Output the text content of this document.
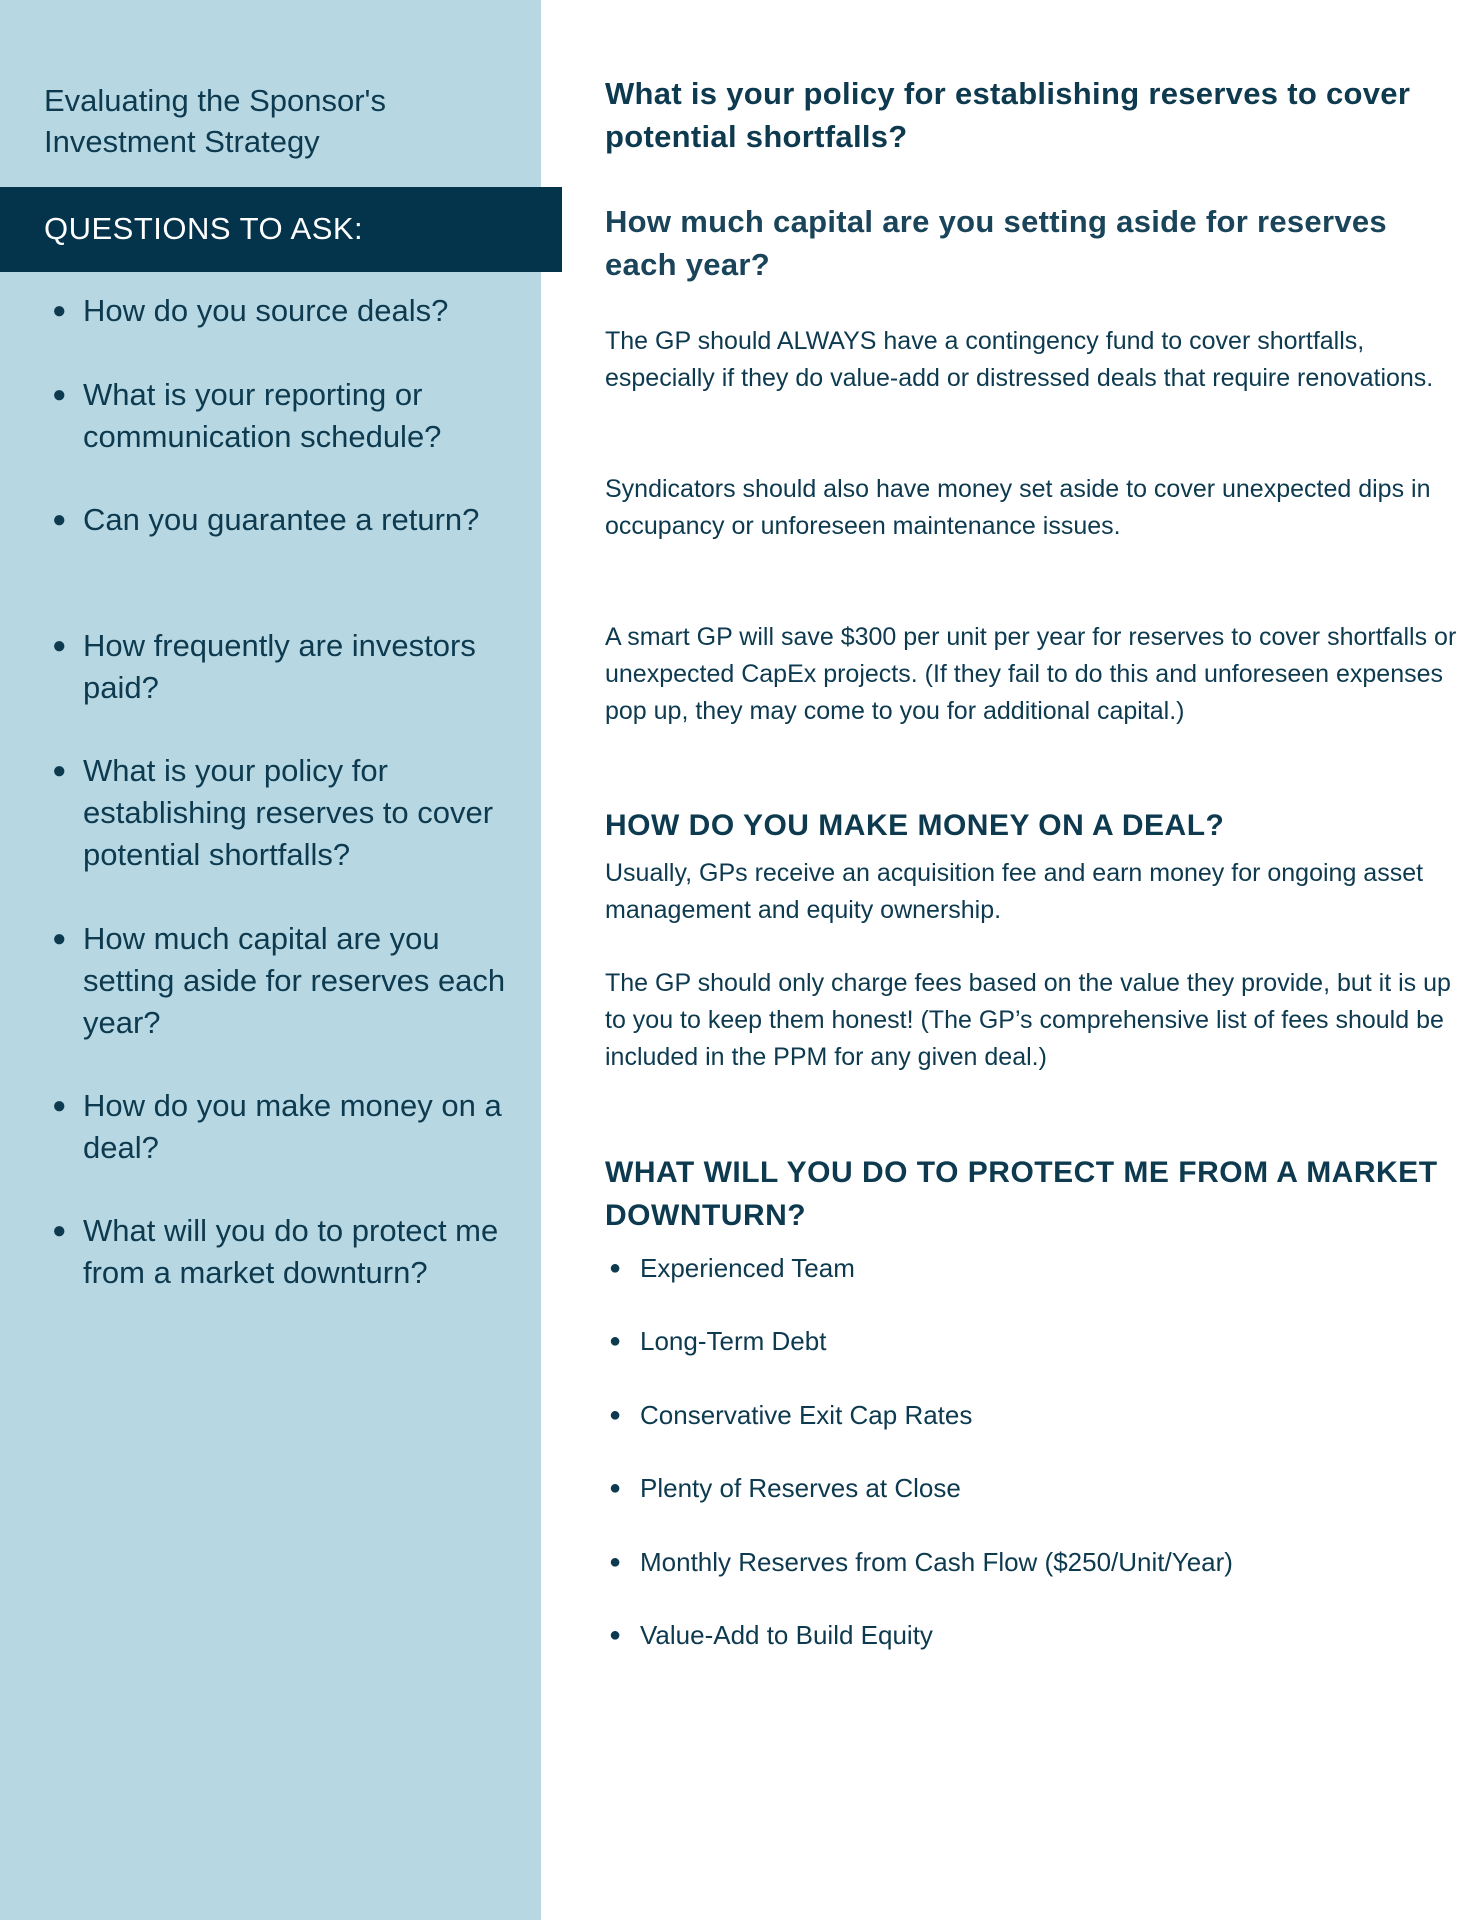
Evaluating the Sponsor's Investment Strategy
QUESTIONS TO ASK:
● How do you source deals?
● What is your reporting or communication schedule?
● Can you guarantee a return?
● How frequently are investors paid?
● What is your policy for establishing reserves to cover potential shortfalls?
● How much capital are you setting aside for reserves each year?
● How do you make money on a deal?
● What will you do to protect me from a market downturn?
What is your policy for establishing reserves to cover potential shortfalls?
How much capital are you setting aside for reserves each year?

The GP should ALWAYS have a contingency fund to cover shortfalls, especially if they do value-add or distressed deals that require renovations.

Syndicators should also have money set aside to cover unexpected dips in occupancy or unforeseen maintenance issues.

A smart GP will save $300 per unit per year for reserves to cover shortfalls or unexpected CapEx projects. (If they fail to do this and unforeseen expenses pop up, they may come to you for additional capital.)

HOW DO YOU MAKE MONEY ON A DEAL?

Usually, GPs receive an acquisition fee and earn money for ongoing asset management and equity ownership.

The GP should only charge fees based on the value they provide, but it is up to you to keep them honest! (The GP’s comprehensive list of fees should be included in the PPM for any given deal.)

WHAT WILL YOU DO TO PROTECT ME FROM A MARKET DOWNTURN?
● Experienced Team
● Long-Term Debt
● Conservative Exit Cap Rates
● Plenty of Reserves at Close
● Monthly Reserves from Cash Flow ($250/Unit/Year)
● Value-Add to Build Equity
